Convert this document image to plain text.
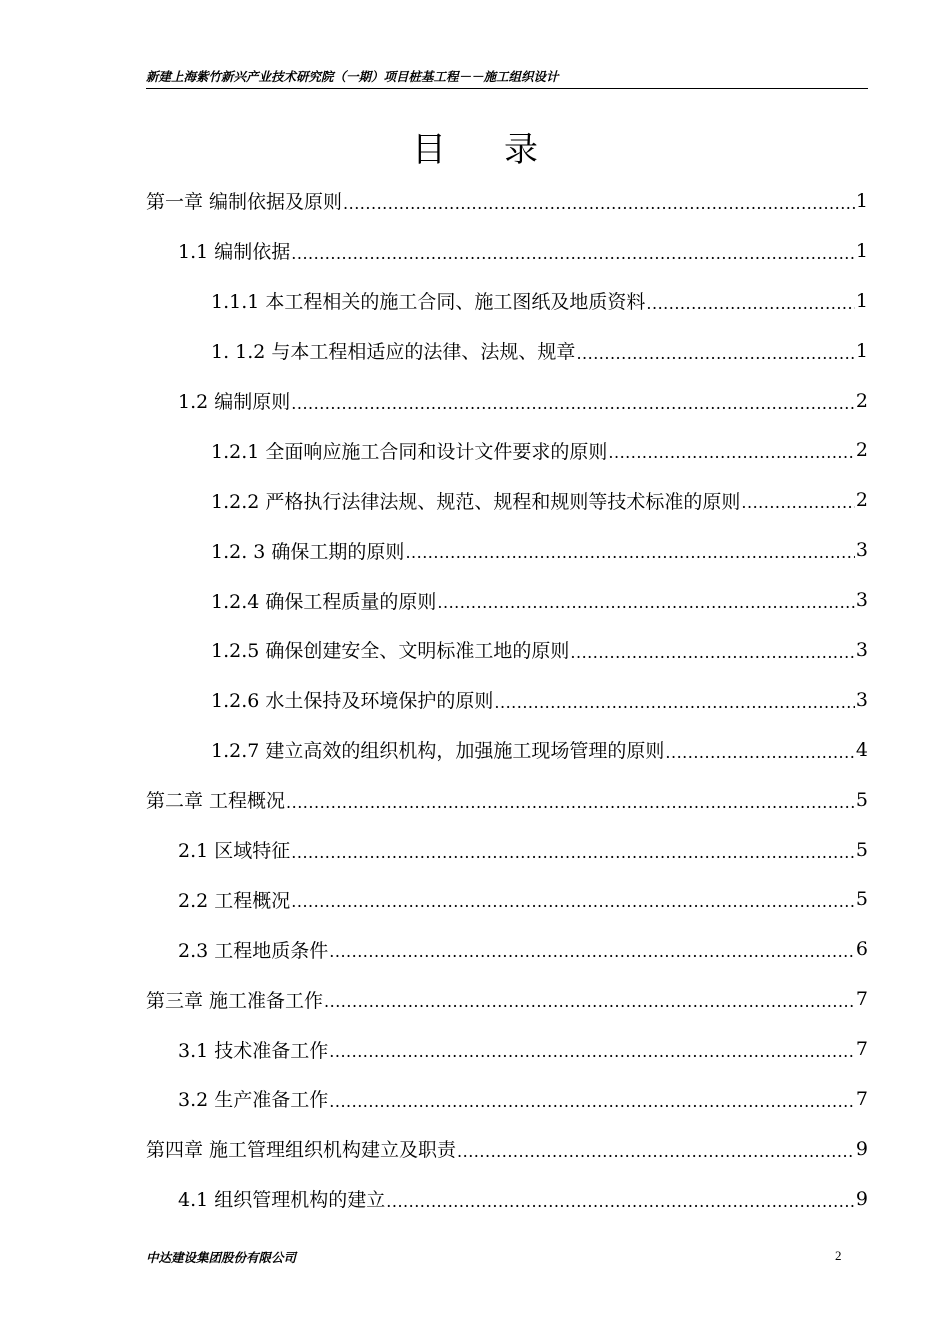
新建上海紫竹新兴产业技术研究院（一期）项目桩基工程－－施工组织设计
目 录
第一章 编制依据及原则 .....	1
1.1 编制依据 .....	1
1.1.1 本工程相关的施工合同、施工图纸及地质资料 .....	1
1. 1.2 与本工程相适应的法律、法规、规章 .....	1
1.2 编制原则 .....	2
1.2.1 全面响应施工合同和设计文件要求的原则 .....	2
1.2.2 严格执行法律法规、规范、规程和规则等技术标准的原则 .....	2
1.2. 3 确保工期的原则 .....	3
1.2.4 确保工程质量的原则 .....	3
1.2.5 确保创建安全、文明标准工地的原则 .....	3
1.2.6 水土保持及环境保护的原则 .....	3
1.2.7 建立高效的组织机构，加强施工现场管理的原则 .....	4
第二章 工程概况 .....	5
2.1 区域特征 .....	5
2.2 工程概况 .....	5
2.3 工程地质条件 .....	6
第三章 施工准备工作 .....	7
3.1 技术准备工作 .....	7
3.2 生产准备工作 .....	7
第四章 施工管理组织机构建立及职责 .....	9
4.1 组织管理机构的建立 .....	9
中达建设集团股份有限公司	2
